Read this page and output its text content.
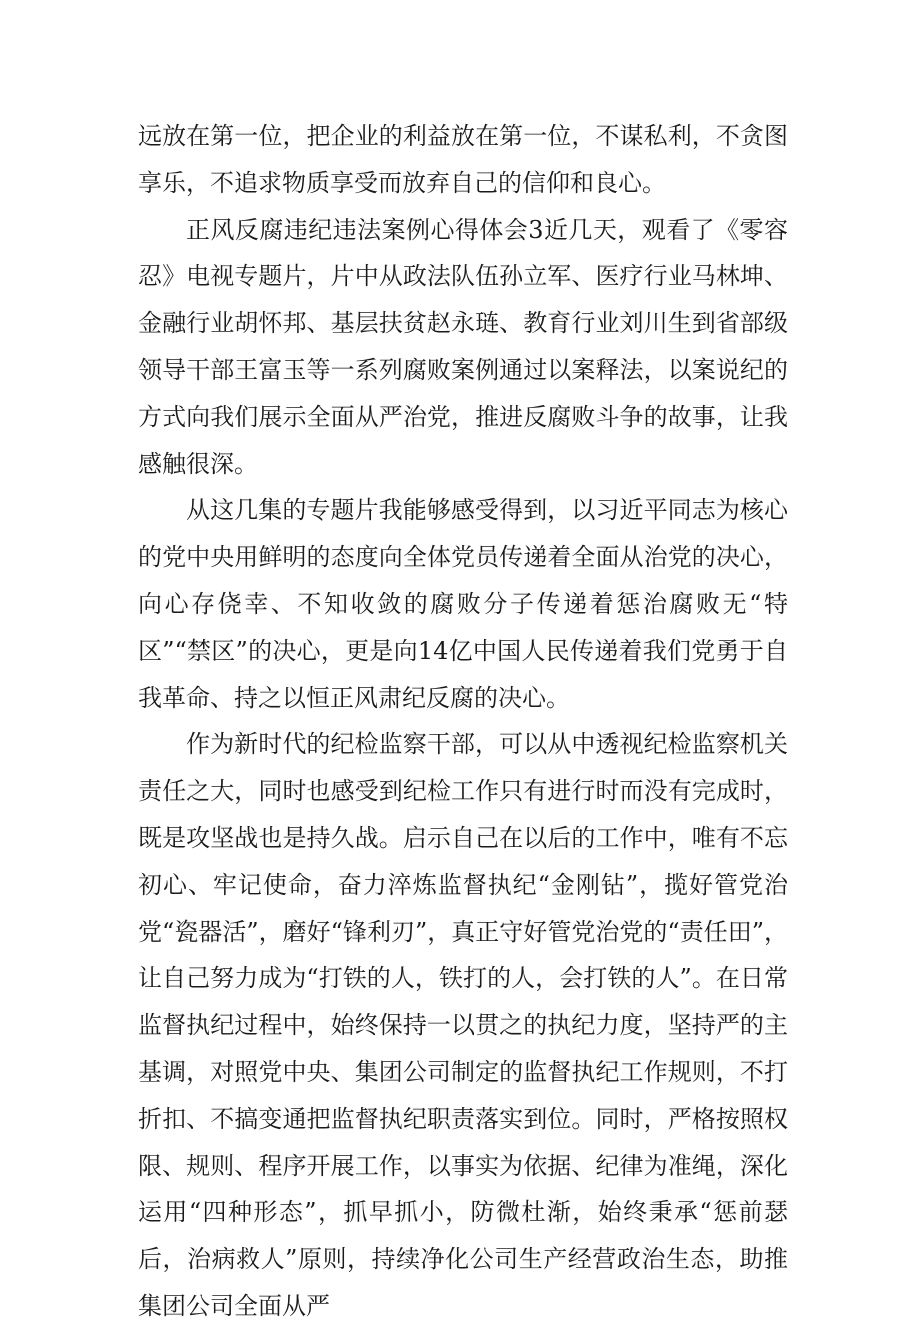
远放在第一位，把企业的利益放在第一位，不谋私利，不贪图享乐，不追求物质享受而放弃自己的信仰和良心。

正风反腐违纪违法案例心得体会3近几天，观看了《零容忍》电视专题片，片中从政法队伍孙立军、医疗行业马林坤、金融行业胡怀邦、基层扶贫赵永琏、教育行业刘川生到省部级领导干部王富玉等一系列腐败案例通过以案释法，以案说纪的方式向我们展示全面从严治党，推进反腐败斗争的故事，让我感触很深。

从这几集的专题片我能够感受得到，以习近平同志为核心的党中央用鲜明的态度向全体党员传递着全面从治党的决心，向心存侥幸、不知收敛的腐败分子传递着惩治腐败无“特区”“禁区”的决心，更是向14亿中国人民传递着我们党勇于自我革命、持之以恒正风肃纪反腐的决心。

作为新时代的纪检监察干部，可以从中透视纪检监察机关责任之大，同时也感受到纪检工作只有进行时而没有完成时，既是攻坚战也是持久战。启示自己在以后的工作中，唯有不忘初心、牢记使命，奋力淬炼监督执纪“金刚钻”，揽好管党治党“瓷器活”，磨好“锋利刃”，真正守好管党治党的“责任田”，让自己努力成为“打铁的人，铁打的人，会打铁的人”。在日常监督执纪过程中，始终保持一以贯之的执纪力度，坚持严的主基调，对照党中央、集团公司制定的监督执纪工作规则，不打折扣、不搞变通把监督执纪职责落实到位。同时，严格按照权限、规则、程序开展工作，以事实为依据、纪律为准绳，深化运用“四种形态”，抓早抓小，防微杜渐，始终秉承“惩前瑟后，治病救人”原则，持续净化公司生产经营政治生态，助推集团公司全面从严
